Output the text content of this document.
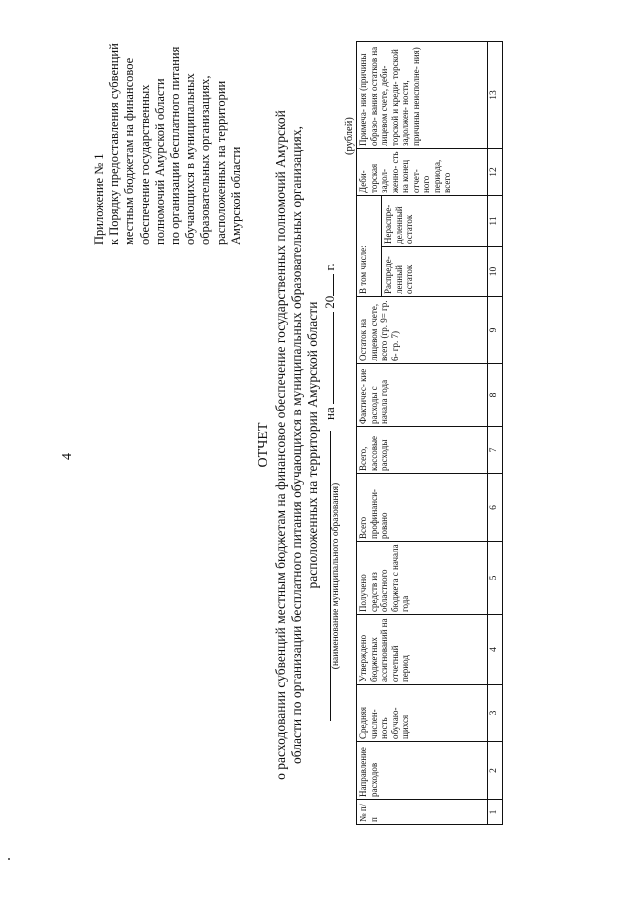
4
Приложение № 1 к Порядку предоставления субвенций местным бюджетам на финансовое обеспечение государственных полномочий Амурской области по организации бесплатного питания обучающихся в муниципальных образовательных организациях, расположенных на территории Амурской области
ОТЧЕТ о расходовании субвенций местным бюджетам на финансовое обеспечение государственных полномочий Амурской области по организации бесплатного питания обучающихся в муниципальных образовательных организациях, расположенных на территории Амурской области на  20 г.
(наименование муниципального образования)
(рублей)
№ п/п	Направление расходов	Средняя числен- ность обучаю- щихся	Утверждено бюджетных ассигнований на отчетный период	Получено средств из областного бюджета с начала года	Всего профинанси- ровано	Всего, кассовые расходы	Фактичес- кие расходы с начала года	Остаток на лицевом счете, всего (гр. 9= гр. 6- гр. 7)	В том числе:		Деби- торская задол- женно- сть на конец отчет- ного периода, всего	Примеча- ния (причины образо- вания остатков на лицевом счете, деби- торской и креди- торской задолжен- ности, причины неисполне- ния)
									Распреде- ленный остаток	Нераспре- деленный остаток		
1	2	3	4	5	6	7	8	9	10	11	12	13
